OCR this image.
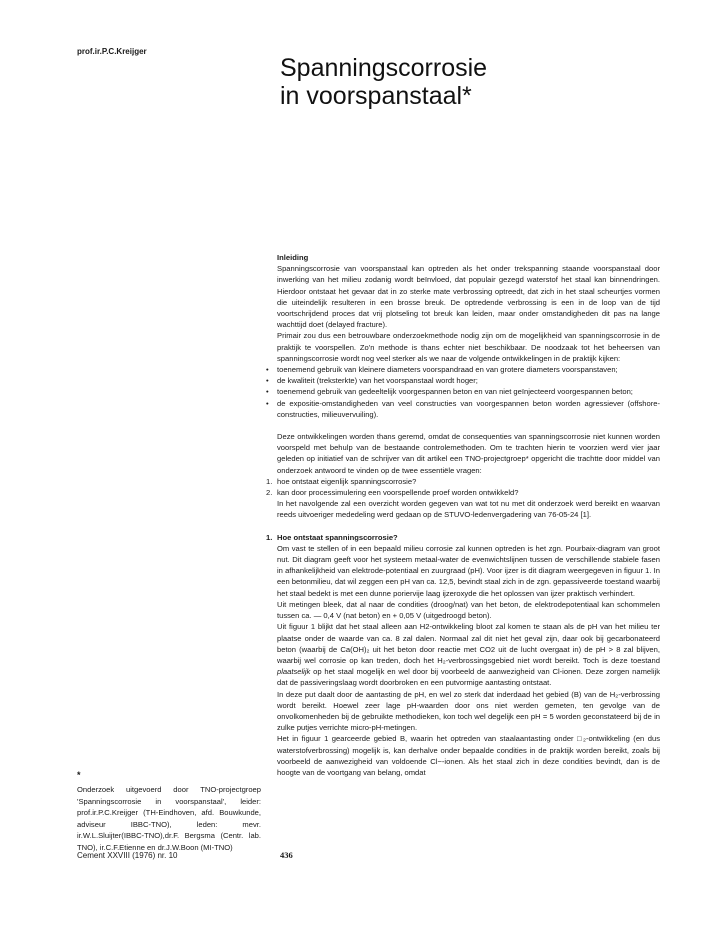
prof.ir.P.C.Kreijger
Spanningscorrosie
in voorspanstaal*
Inleiding
Spanningscorrosie van voorspanstaal kan optreden als het onder trekspanning staande voorspanstaal door inwerking van het milieu zodanig wordt beïnvloed, dat populair gezegd waterstof het staal kan binnendringen. Hierdoor ontstaat het gevaar dat in zo sterke mate verbrossing optreedt, dat zich in het staal scheurtjes vormen die uiteindelijk resulteren in een brosse breuk. De optredende verbrossing is een in de loop van de tijd voortschrijdend proces dat vrij plotseling tot breuk kan leiden, maar onder omstandigheden dit pas na lange wachttijd doet (delayed fracture).
Primair zou dus een betrouwbare onderzoekmethode nodig zijn om de mogelijkheid van spanningscorrosie in de praktijk te voorspellen. Zo'n methode is thans echter niet beschikbaar. De noodzaak tot het beheersen van spanningscorrosie wordt nog veel sterker als we naar de volgende ontwikkelingen in de praktijk kijken:
• toenemend gebruik van kleinere diameters voorspandraad en van grotere diameters voorspanstaven;
• de kwaliteit (treksterkte) van het voorspanstaal wordt hoger;
• toenemend gebruik van gedeeltelijk voorgespannen beton en van niet geïnjecteerd voorgespannen beton;
• de expositie-omstandigheden van veel constructies van voorgespannen beton worden agressiever (offshore-constructies, milieuvervuiling).
Deze ontwikkelingen worden thans geremd, omdat de consequenties van spanningscorrosie niet kunnen worden voorspeld met behulp van de bestaande controlemethoden. Om te trachten hierin te voorzien werd vier jaar geleden op initiatief van de schrijver van dit artikel een TNO-projectgroep* opgericht die trachtte door middel van onderzoek antwoord te vinden op de twee essentiële vragen:
1. hoe ontstaat eigenlijk spanningscorrosie?
2. kan door processimulering een voorspellende proef worden ontwikkeld?
In het navolgende zal een overzicht worden gegeven van wat tot nu met dit onderzoek werd bereikt en waarvan reeds uitvoeriger mededeling werd gedaan op de STUVO-ledenvergadering van 76-05-24 [1].
1. Hoe ontstaat spanningscorrosie?
Om vast te stellen of in een bepaald milieu corrosie zal kunnen optreden is het zgn. Pourbaix-diagram van groot nut. Dit diagram geeft voor het systeem metaal-water de evenwichtslijnen tussen de verschillende stabiele fasen in afhankelijkheid van elektrode-potentiaal en zuurgraad (pH). Voor ijzer is dit diagram weergegeven in figuur 1. In een betonmilieu, dat wil zeggen een pH van ca. 12,5, bevindt staal zich in de zgn. gepassiveerde toestand waarbij het staal bedekt is met een dunne poriervije laag ijzeroxyde die het oplossen van ijzer praktisch verhindert.
Uit metingen bleek, dat al naar de condities (droog/nat) van het beton, de elektrodepotentiaal kan schommelen tussen ca. — 0,4 V (nat beton) en + 0,05 V (uitgedroogd beton).
Uit figuur 1 blijkt dat het staal alleen aan H2-ontwikkeling bloot zal komen te staan als de pH van het milieu ter plaatse onder de waarde van ca. 8 zal dalen. Normaal zal dit niet het geval zijn, daar ook bij gecarbonateerd beton (waarbij de Ca(OH)₂ uit het beton door reactie met CO2 uit de lucht overgaat in) de pH > 8 zal blijven, waarbij wel corrosie op kan treden, doch het H₂-verbrossingsgebied niet wordt bereikt. Toch is deze toestand plaatselijk op het staal mogelijk en wel door bij voorbeeld de aanwezigheid van Cl-ionen. Deze zorgen namelijk dat de passiveringslaag wordt doorbroken en een putvormige aantasting ontstaat.
In deze put daalt door de aantasting de pH, en wel zo sterk dat inderdaad het gebied (B) van de H₂-verbrossing wordt bereikt. Hoewel zeer lage pH-waarden door ons niet werden gemeten, ten gevolge van de onvolkomenheden bij de gebruikte methodieken, kon toch wel degelijk een pH = 5 worden geconstateerd bij de in zulke putjes verrichte micro-pH-metingen.
Het in figuur 1 gearceerde gebied B, waarin het optreden van staalaantasting onder □₂-ontwikkeling (en dus waterstofverbrossing) mogelijk is, kan derhalve onder bepaalde condities in de praktijk worden bereikt, zoals bij voorbeeld de aanwezigheid van voldoende Cl−-ionen. Als het staal zich in deze condities bevindt, dan is de hoogte van de voortgang van belang, omdat
*
Onderzoek uitgevoerd door TNO-projectgroep 'Spanningscorrosie in voorspanstaal', leider: prof.ir.P.C.Kreijger (TH-Eindhoven, afd. Bouwkunde, adviseur IBBC-TNO), leden: mevr. ir.W.L.Sluijter(IBBC-TNO),dr.F. Bergsma (Centr. lab. TNO), ir.C.F.Etienne en dr.J.W.Boon (MI-TNO)
Cement XXVIII (1976) nr. 10	436
